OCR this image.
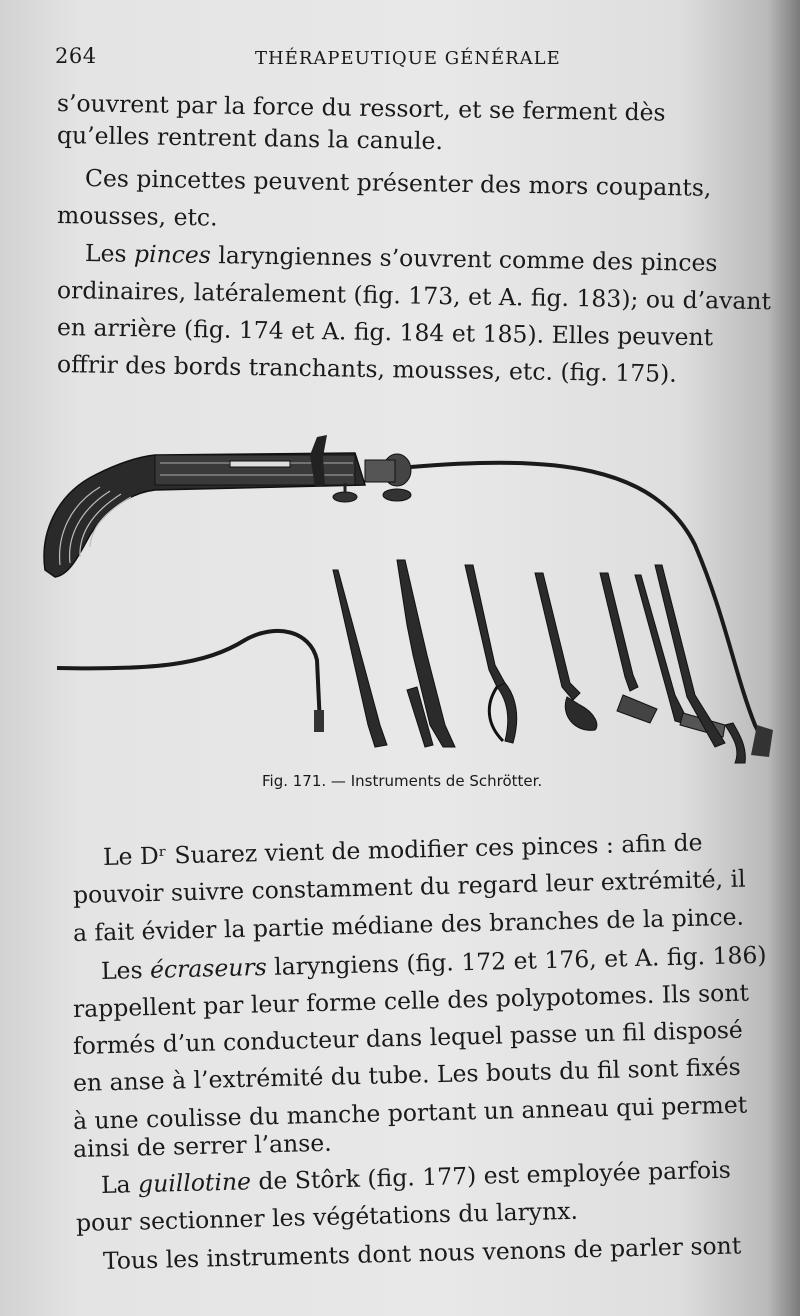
264	THÉRAPEUTIQUE GÉNÉRALE
s’ouvrent par la force du ressort, et se ferment dès
qu’elles rentrent dans la canule.
Ces pincettes peuvent présenter des mors coupants,
mousses, etc.
Les pinces laryngiennes s’ouvrent comme des pinces
ordinaires, latéralement (fig. 173, et A. fig. 183); ou d’avant
en arrière (fig. 174 et A. fig. 184 et 185). Elles peuvent
offrir des bords tranchants, mousses, etc. (fig. 175).
Fig. 171. — Instruments de Schrötter.
Le Dʳ Suarez vient de modifier ces pinces : afin de
pouvoir suivre constamment du regard leur extrémité, il
a fait évider la partie médiane des branches de la pince.
Les écraseurs laryngiens (fig. 172 et 176, et A. fig. 186)
rappellent par leur forme celle des polypotomes. Ils sont
formés d’un conducteur dans lequel passe un fil disposé
en anse à l’extrémité du tube. Les bouts du fil sont fixés
à une coulisse du manche portant un anneau qui permet
ainsi de serrer l’anse.
La guillotine de Stôrk (fig. 177) est employée parfois
pour sectionner les végétations du larynx.
Tous les instruments dont nous venons de parler sont
